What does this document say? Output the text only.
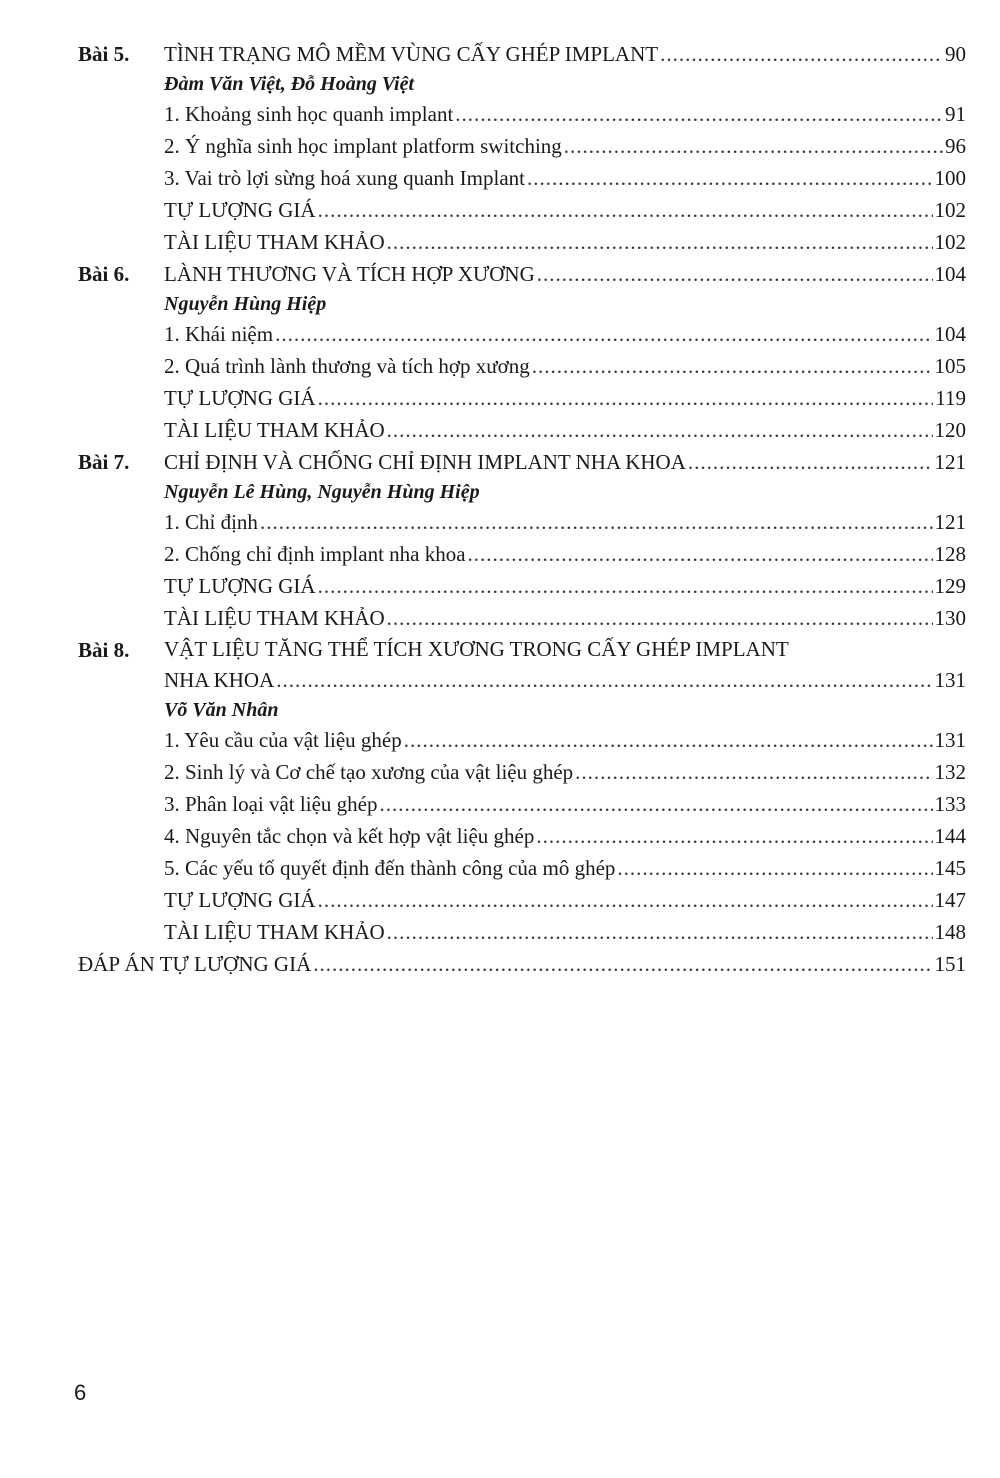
Bài 5.	TÌNH TRẠNG MÔ MỀM VÙNG CẤY GHÉP IMPLANT .....	90
Đàm Văn Việt, Đỗ Hoàng Việt
1. Khoảng sinh học quanh implant .....	91
2. Ý nghĩa sinh học implant platform switching .....	96
3. Vai trò lợi sừng hoá xung quanh Implant .....	100
TỰ LƯỢNG GIÁ .....	102
TÀI LIỆU THAM KHẢO .....	102
Bài 6.	LÀNH THƯƠNG VÀ TÍCH HỢP XƯƠNG .....	104
Nguyễn Hùng Hiệp
1. Khái niệm .....	104
2. Quá trình lành thương và tích hợp xương .....	105
TỰ LƯỢNG GIÁ .....	119
TÀI LIỆU THAM KHẢO .....	120
Bài 7.	CHỈ ĐỊNH VÀ CHỐNG CHỈ ĐỊNH IMPLANT NHA KHOA .....	121
Nguyễn Lê Hùng, Nguyễn Hùng Hiệp
1. Chỉ định .....	121
2. Chống chỉ định implant nha khoa .....	128
TỰ LƯỢNG GIÁ .....	129
TÀI LIỆU THAM KHẢO .....	130
Bài 8.	VẬT LIỆU TĂNG THỂ TÍCH XƯƠNG TRONG CẤY GHÉP IMPLANT
NHA KHOA .....	131
Võ Văn Nhân
1. Yêu cầu của vật liệu ghép .....	131
2. Sinh lý và Cơ chế tạo xương của vật liệu ghép .....	132
3. Phân loại vật liệu ghép .....	133
4. Nguyên tắc chọn và kết hợp vật liệu ghép .....	144
5. Các yếu tố quyết định đến thành công của mô ghép .....	145
TỰ LƯỢNG GIÁ .....	147
TÀI LIỆU THAM KHẢO .....	148
ĐÁP ÁN TỰ LƯỢNG GIÁ .....	151
6
